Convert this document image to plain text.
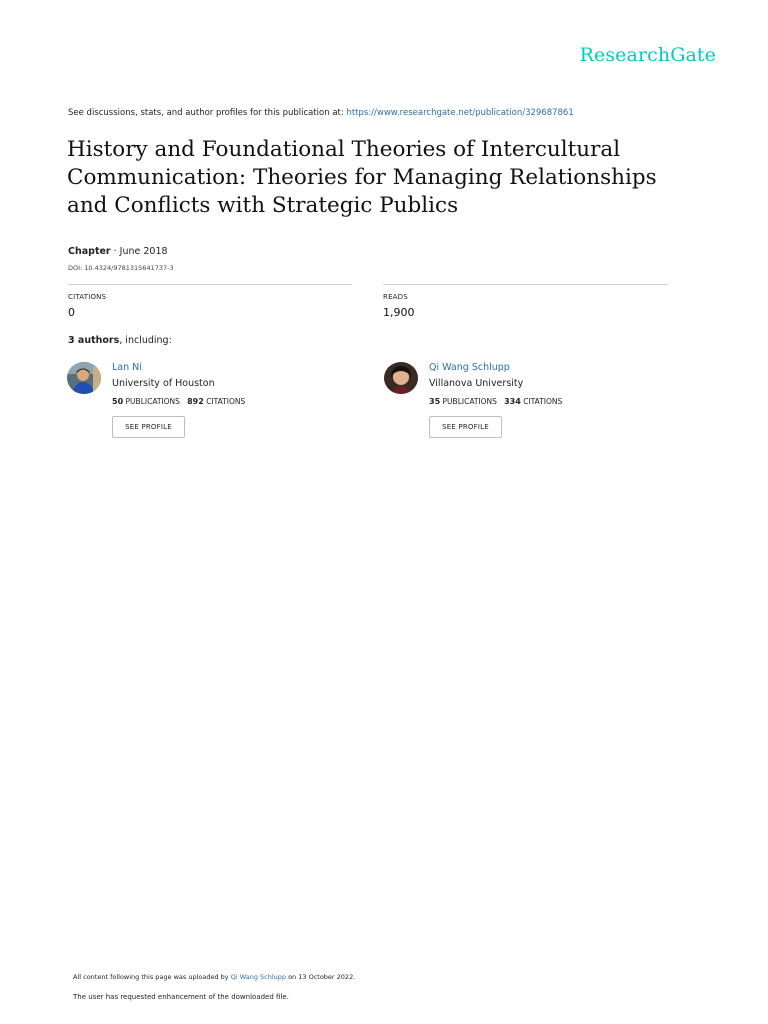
ResearchGate
See discussions, stats, and author profiles for this publication at: https://www.researchgate.net/publication/329687861
History and Foundational Theories of Intercultural
Communication: Theories for Managing Relationships
and Conflicts with Strategic Publics
Chapter · June 2018
DOI: 10.4324/9781315641737-3
CITATIONS
0
READS
1,900
3 authors, including:
Lan Ni
University of Houston
50 PUBLICATIONS 892 CITATIONS
SEE PROFILE
Qi Wang Schlupp
Villanova University
35 PUBLICATIONS 334 CITATIONS
SEE PROFILE
All content following this page was uploaded by Qi Wang Schlupp on 13 October 2022.
The user has requested enhancement of the downloaded file.
